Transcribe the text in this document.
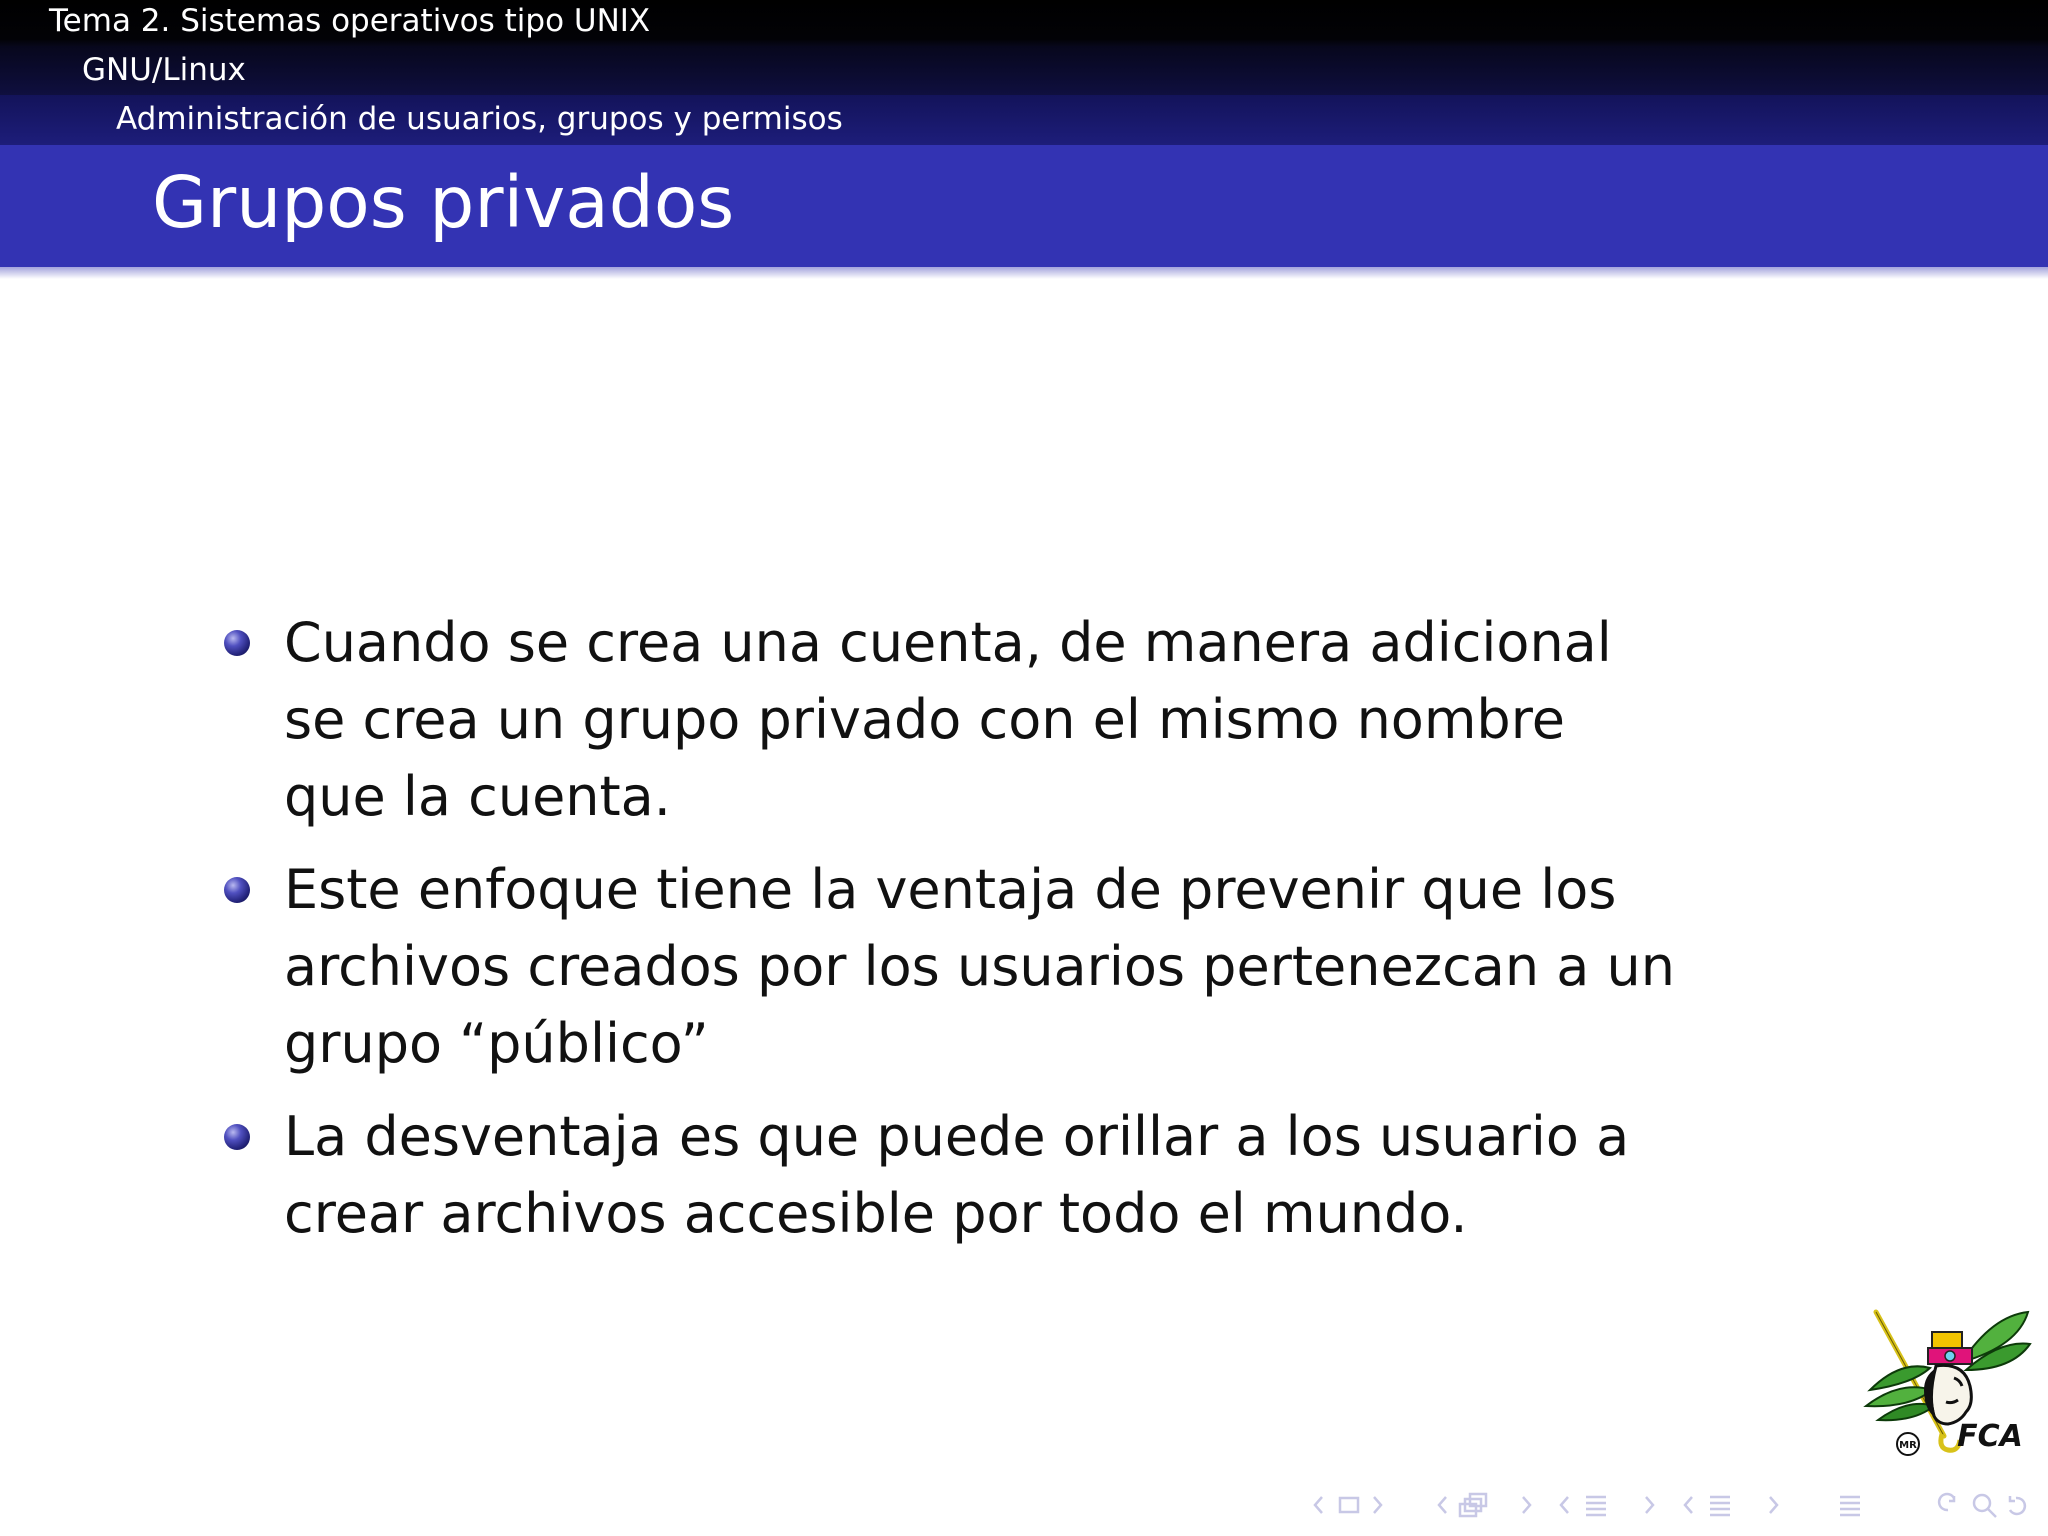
Tema 2. Sistemas operativos tipo UNIX
GNU/Linux
Administración de usuarios, grupos y permisos
Grupos privados
Cuando se crea una cuenta, de manera adicional se crea un grupo privado con el mismo nombre que la cuenta.
Este enfoque tiene la ventaja de prevenir que los archivos creados por los usuarios pertenezcan a un grupo “público”
La desventaja es que puede orillar a los usuario a crear archivos accesible por todo el mundo.
MR FCA
